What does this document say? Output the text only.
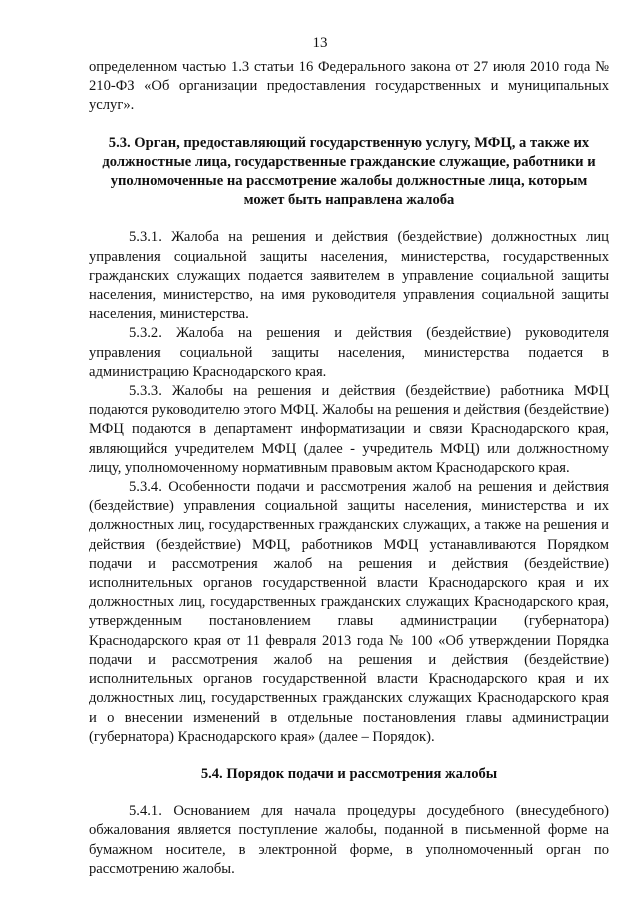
13

определенном частью 1.3 статьи 16 Федерального закона от 27 июля 2010 года № 210-ФЗ «Об организации предоставления государственных и муниципальных услуг».

5.3. Орган, предоставляющий государственную услугу, МФЦ, а также их должностные лица, государственные гражданские служащие, работники и уполномоченные на рассмотрение жалобы должностные лица, которым может быть направлена жалоба

5.3.1. Жалоба на решения и действия (бездействие) должностных лиц управления социальной защиты населения, министерства, государственных гражданских служащих подается заявителем в управление социальной защиты населения, министерство, на имя руководителя управления социальной защиты населения, министерства.

5.3.2. Жалоба на решения и действия (бездействие) руководителя управления социальной защиты населения, министерства подается в администрацию Краснодарского края.

5.3.3. Жалобы на решения и действия (бездействие) работника МФЦ подаются руководителю этого МФЦ. Жалобы на решения и действия (бездействие) МФЦ подаются в департамент информатизации и связи Краснодарского края, являющийся учредителем МФЦ (далее - учредитель МФЦ) или должностному лицу, уполномоченному нормативным правовым актом Краснодарского края.

5.3.4. Особенности подачи и рассмотрения жалоб на решения и действия (бездействие) управления социальной защиты населения, министерства и их должностных лиц, государственных гражданских служащих, а также на решения и действия (бездействие) МФЦ, работников МФЦ устанавливаются Порядком подачи и рассмотрения жалоб на решения и действия (бездействие) исполнительных органов государственной власти Краснодарского края и их должностных лиц, государственных гражданских служащих Краснодарского края, утвержденным постановлением главы администрации (губернатора) Краснодарского края от 11 февраля 2013 года № 100 «Об утверждении Порядка подачи и рассмотрения жалоб на решения и действия (бездействие) исполнительных органов государственной власти Краснодарского края и их должностных лиц, государственных гражданских служащих Краснодарского края и о внесении изменений в отдельные постановления главы администрации (губернатора) Краснодарского края» (далее – Порядок).

5.4. Порядок подачи и рассмотрения жалобы

5.4.1. Основанием для начала процедуры досудебного (внесудебного) обжалования является поступление жалобы, поданной в письменной форме на бумажном носителе, в электронной форме, в уполномоченный орган по рассмотрению жалобы.
